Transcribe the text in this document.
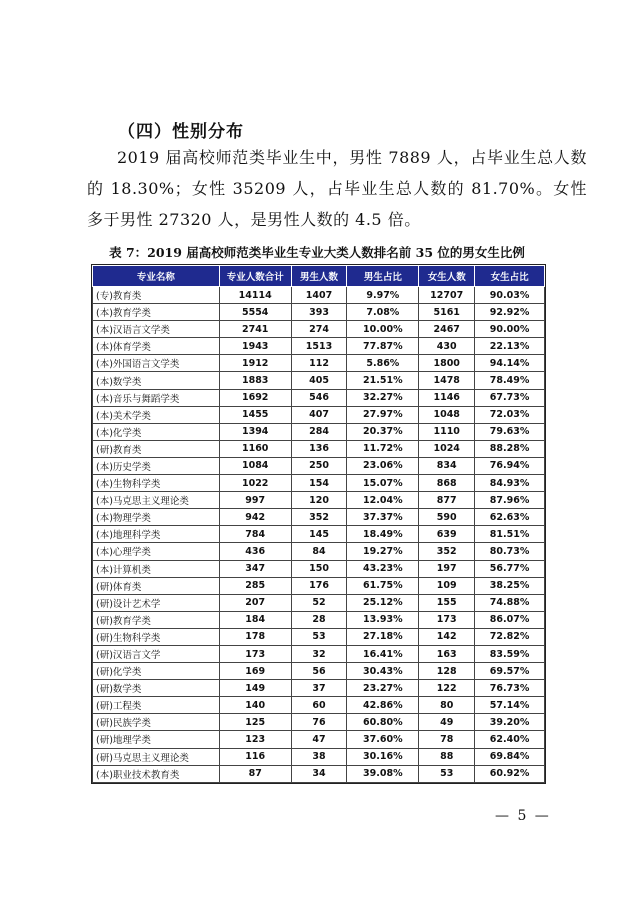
（四）性别分布
2019 届高校师范类毕业生中，男性 7889 人，占毕业生总人数的 18.30%；女性 35209 人，占毕业生总人数的 81.70%。女性多于男性 27320 人，是男性人数的 4.5 倍。
表 7：2019 届高校师范类毕业生专业大类人数排名前 35 位的男女生比例
专业名称	专业人数合计	男生人数	男生占比	女生人数	女生占比
(专)教育类	14114	1407	9.97%	12707	90.03%
(本)教育学类	5554	393	7.08%	5161	92.92%
(本)汉语言文学类	2741	274	10.00%	2467	90.00%
(本)体育学类	1943	1513	77.87%	430	22.13%
(本)外国语言文学类	1912	112	5.86%	1800	94.14%
(本)数学类	1883	405	21.51%	1478	78.49%
(本)音乐与舞蹈学类	1692	546	32.27%	1146	67.73%
(本)美术学类	1455	407	27.97%	1048	72.03%
(本)化学类	1394	284	20.37%	1110	79.63%
(研)教育类	1160	136	11.72%	1024	88.28%
(本)历史学类	1084	250	23.06%	834	76.94%
(本)生物科学类	1022	154	15.07%	868	84.93%
(本)马克思主义理论类	997	120	12.04%	877	87.96%
(本)物理学类	942	352	37.37%	590	62.63%
(本)地理科学类	784	145	18.49%	639	81.51%
(本)心理学类	436	84	19.27%	352	80.73%
(本)计算机类	347	150	43.23%	197	56.77%
(研)体育类	285	176	61.75%	109	38.25%
(研)设计艺术学	207	52	25.12%	155	74.88%
(研)教育学类	184	28	13.93%	173	86.07%
(研)生物科学类	178	53	27.18%	142	72.82%
(研)汉语言文学	173	32	16.41%	163	83.59%
(研)化学类	169	56	30.43%	128	69.57%
(研)数学类	149	37	23.27%	122	76.73%
(研)工程类	140	60	42.86%	80	57.14%
(研)民族学类	125	76	60.80%	49	39.20%
(研)地理学类	123	47	37.60%	78	62.40%
(研)马克思主义理论类	116	38	30.16%	88	69.84%
(本)职业技术教育类	87	34	39.08%	53	60.92%
— 5 —
